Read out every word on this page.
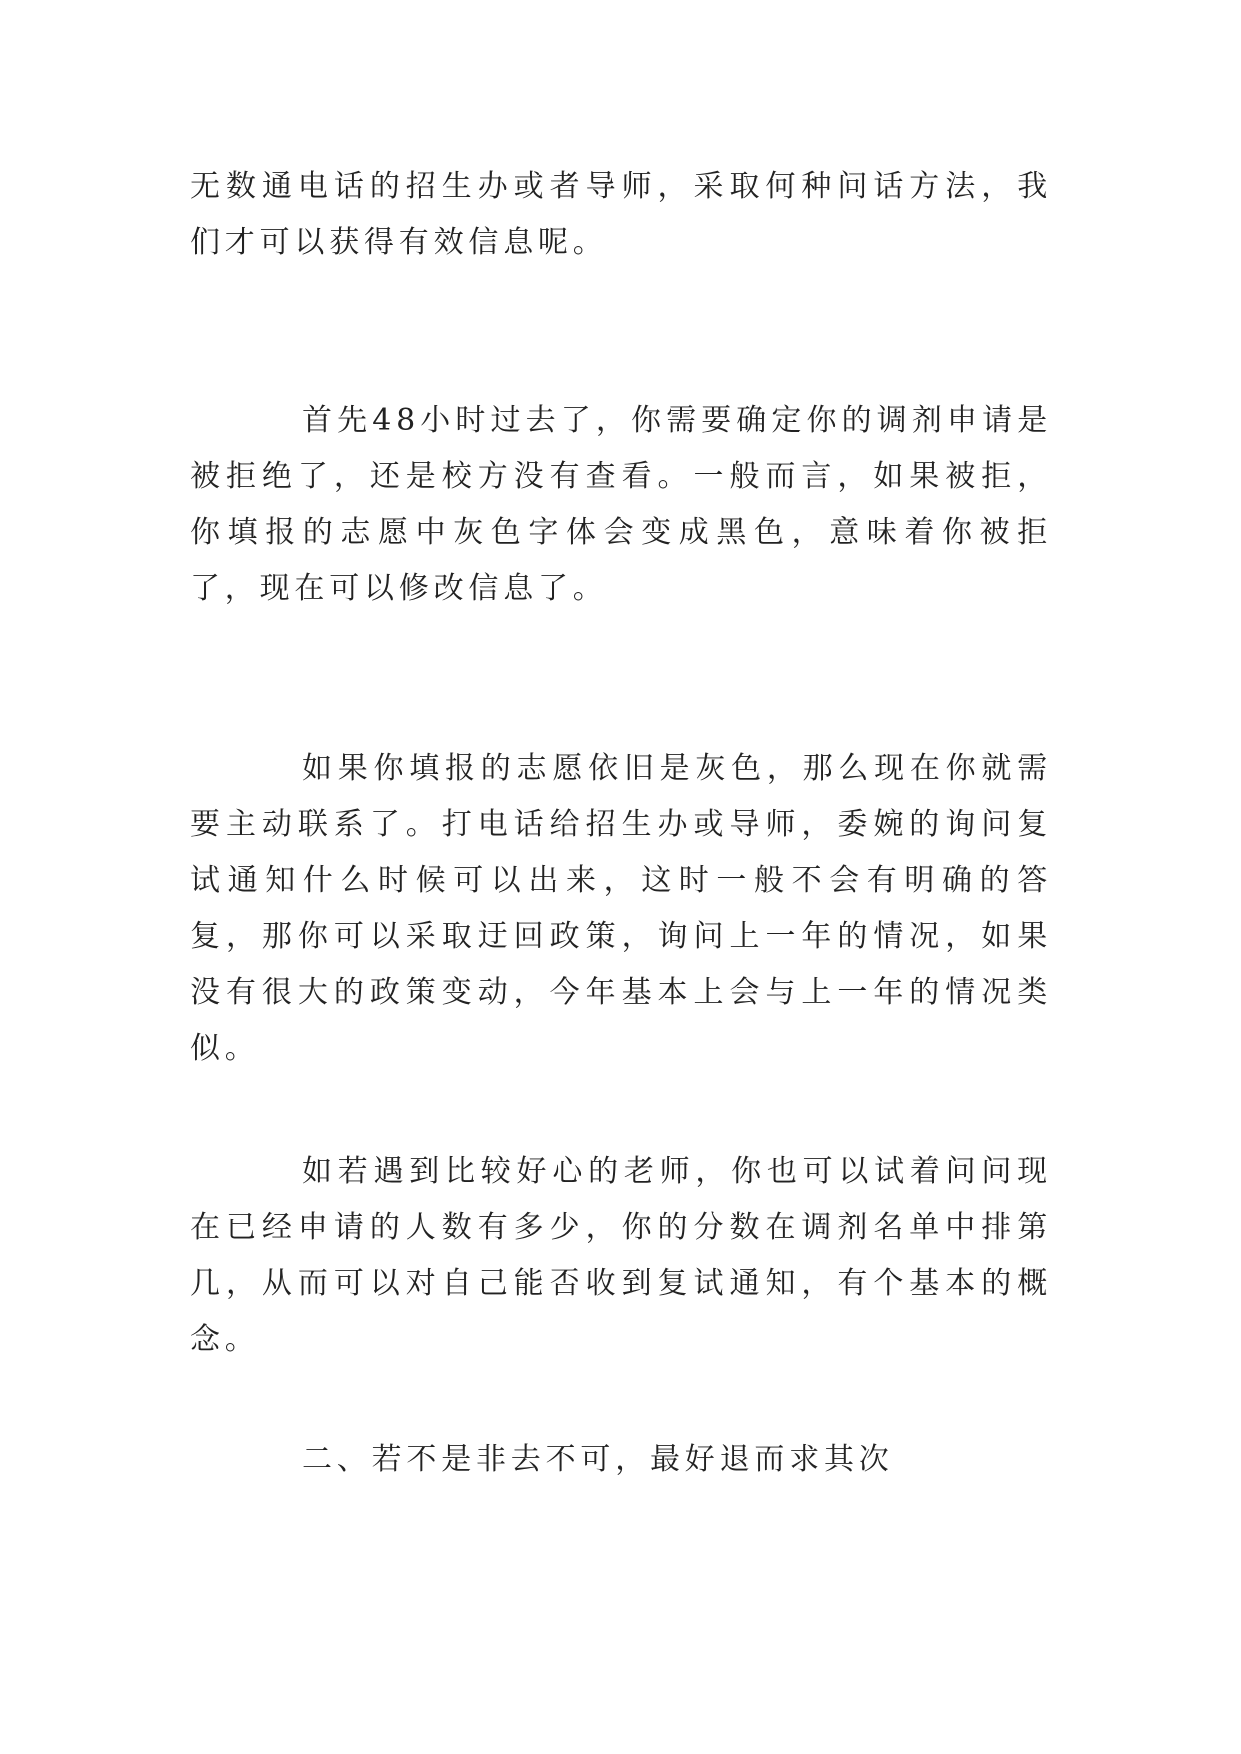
无数通电话的招生办或者导师，采取何种问话方法，我们才可以获得有效信息呢。

首先48小时过去了，你需要确定你的调剂申请是被拒绝了，还是校方没有查看。一般而言，如果被拒，你填报的志愿中灰色字体会变成黑色，意味着你被拒了，现在可以修改信息了。

如果你填报的志愿依旧是灰色，那么现在你就需要主动联系了。打电话给招生办或导师，委婉的询问复试通知什么时候可以出来，这时一般不会有明确的答复，那你可以采取迂回政策，询问上一年的情况，如果没有很大的政策变动，今年基本上会与上一年的情况类似。

如若遇到比较好心的老师，你也可以试着问问现在已经申请的人数有多少，你的分数在调剂名单中排第几，从而可以对自己能否收到复试通知，有个基本的概念。

二、若不是非去不可，最好退而求其次
